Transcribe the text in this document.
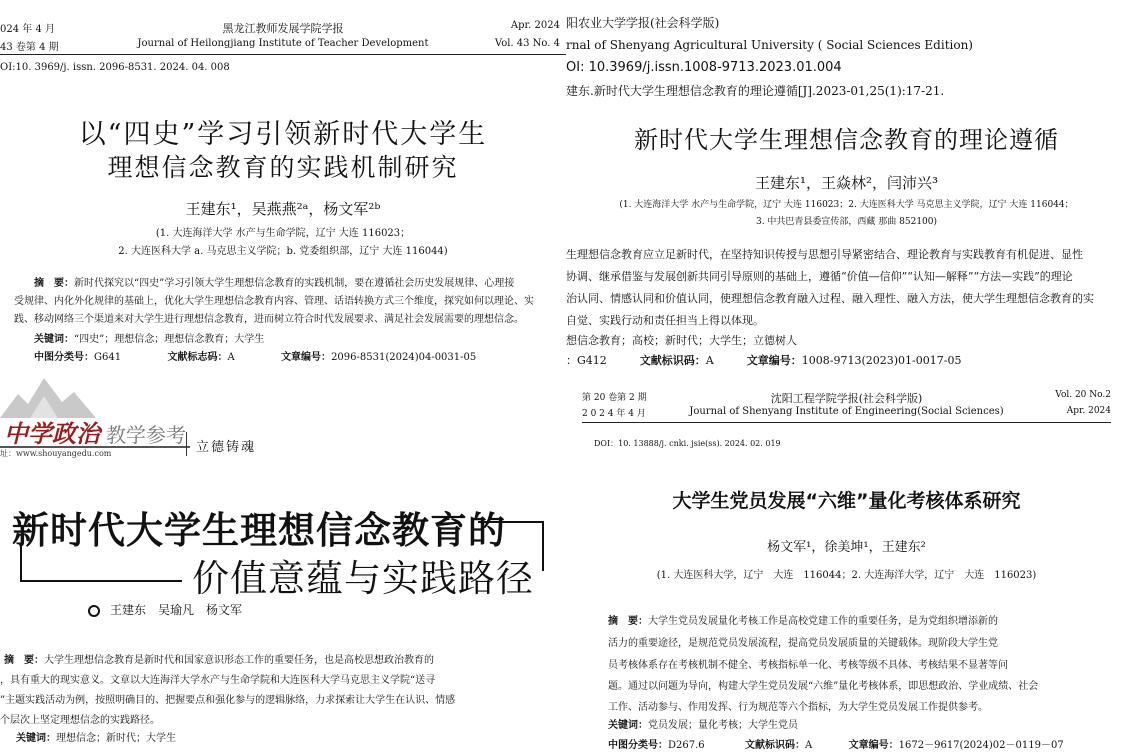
024 年 4 月
43 卷第 4 期
黑龙江教师发展学院学报
Journal of Heilongjiang Institute of Teacher Development
Apr. 2024
Vol. 43 No. 4
OI:10. 3969/j. issn. 2096-8531. 2024. 04. 008
以“四史”学习引领新时代大学生
理想信念教育的实践机制研究
王建东¹，吴燕燕²ᵃ，杨文军²ᵇ
(1. 大连海洋大学 水产与生命学院，辽宁 大连 116023；
2. 大连医科大学 a. 马克思主义学院；b. 党委组织部，辽宁 大连 116044)
摘　要：新时代探究以“四史”学习引领大学生理想信念教育的实践机制，要在遵循社会历史发展规律、心理接
受规律、内化外化规律的基础上，优化大学生理想信念教育内容、管理、话语转换方式三个维度，探究如何以理论、实
践、移动网络三个渠道来对大学生进行理想信念教育，进而树立符合时代发展要求、满足社会发展需要的理想信念。
关键词：“四史”；理想信念；理想信念教育；大学生
中图分类号：G641	文献标志码：A	文章编号：2096-8531(2024)04-0031-05
阳农业大学学报(社会科学版)
rnal of Shenyang Agricultural University ( Social Sciences Edition)
OI: 10.3969/j.issn.1008-9713.2023.01.004
建东.新时代大学生理想信念教育的理论遵循[J].2023-01,25(1):17-21.
新时代大学生理想信念教育的理论遵循
王建东¹，王焱林²，闫沛兴³
(1. 大连海洋大学 水产与生命学院，辽宁 大连 116023；2. 大连医科大学 马克思主义学院，辽宁 大连 116044；
3. 中共巴青县委宣传部，西藏 那曲 852100)
生理想信念教育应立足新时代，在坚持知识传授与思想引导紧密结合、理论教育与实践教育有机促进、显性
协调、继承借鉴与发展创新共同引导原则的基础上，遵循“价值—信仰”“认知—解释”“方法—实践”的理论
治认同、情感认同和价值认同，使理想信念教育融入过程、融入理性、融入方法，使大学生理想信念教育的实
自觉、实践行动和责任担当上得以体现。
想信念教育；高校；新时代；大学生；立德树人
：G412	文献标识码：A	文章编号：1008-9713(2023)01-0017-05
中学政治 教学参考
址：www.shouyangedu.com	立德铸魂
新时代大学生理想信念教育的
价值意蕴与实践路径
王建东　吴瑜凡　杨文军
摘　要：大学生理想信念教育是新时代和国家意识形态工作的重要任务，也是高校思想政治教育的
，具有重大的现实意义。文章以大连海洋大学水产与生命学院和大连医科大学马克思主义学院“送寻
”主题实践活动为例，按照明确目的、把握要点和强化参与的逻辑脉络，力求探索让大学生在认识、情感
个层次上坚定理想信念的实践路径。
关键词：理想信念；新时代；大学生
第 20 卷第 2 期
2 0 2 4 年 4 月
沈阳工程学院学报(社会科学版)
Journal of Shenyang Institute of Engineering(Social Sciences)
Vol. 20 No.2
Apr. 2024
DOI：10. 13888/j. cnki. jsie(ss). 2024. 02. 019
大学生党员发展“六维”量化考核体系研究
杨文军¹，徐美坤¹，王建东²
(1. 大连医科大学，辽宁　大连　116044；2. 大连海洋大学，辽宁　大连　116023)
摘　要：大学生党员发展量化考核工作是高校党建工作的重要任务，是为党组织增添新的
活力的重要途径，是规范党员发展流程，提高党员发展质量的关键载体。现阶段大学生党
员考核体系存在考核机制不健全、考核指标单一化、考核等级不具体、考核结果不显著等问
题。通过以问题为导向，构建大学生党员发展“六维”量化考核体系，即思想政治、学业成绩、社会
工作、活动参与、作用发挥、行为规范等六个指标，为大学生党员发展工作提供参考。
关键词：党员发展；量化考核；大学生党员
中图分类号：D267.6	文献标识码：A	文章编号：1672－9617(2024)02－0119－07
